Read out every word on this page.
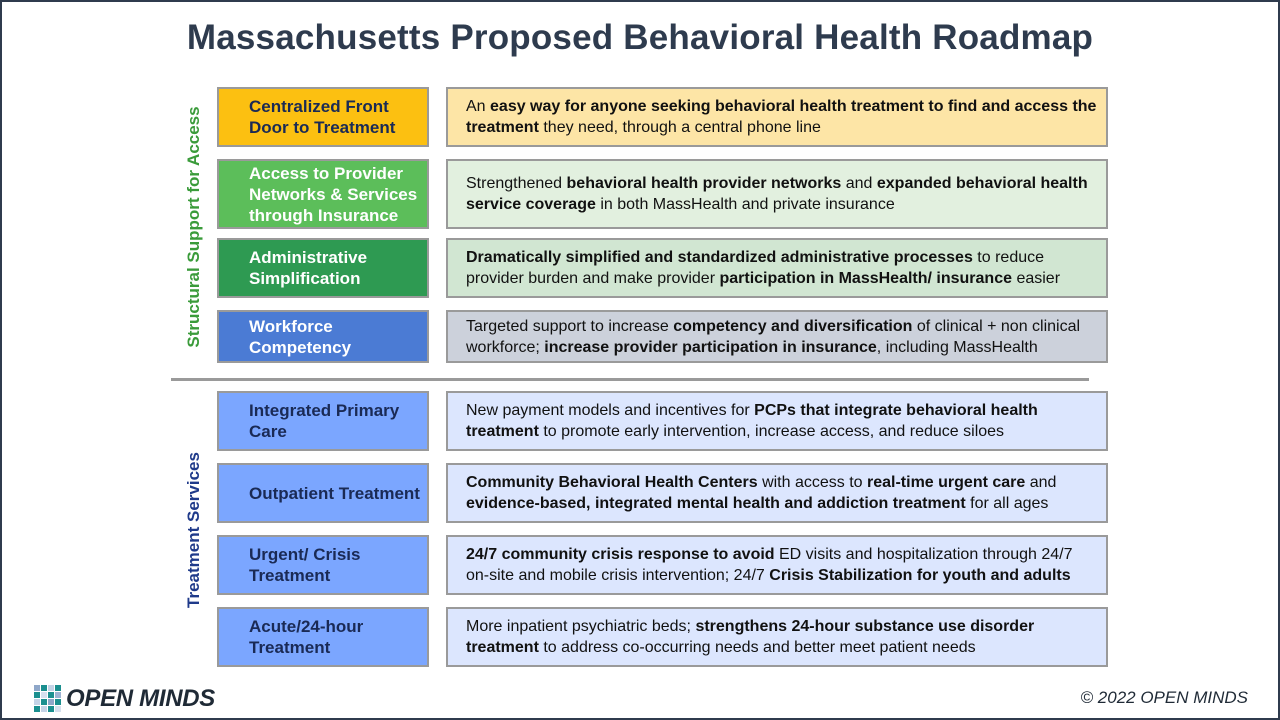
Massachusetts Proposed Behavioral Health Roadmap
Structural Support for Access
Treatment Services
Centralized Front Door to Treatment
An easy way for anyone seeking behavioral health treatment to find and access the treatment they need, through a central phone line
Access to Provider Networks & Services through Insurance
Strengthened behavioral health provider networks and expanded behavioral health service coverage in both MassHealth and private insurance
Administrative Simplification
Dramatically simplified and standardized administrative processes to reduce provider burden and make provider participation in MassHealth/ insurance easier
Workforce Competency
Targeted support to increase competency and diversification of clinical + non clinical workforce; increase provider participation in insurance, including MassHealth
Integrated Primary Care
New payment models and incentives for PCPs that integrate behavioral health treatment to promote early intervention, increase access, and reduce siloes
Outpatient Treatment
Community Behavioral Health Centers with access to real-time urgent care and evidence-based, integrated mental health and addiction treatment for all ages
Urgent/ Crisis Treatment
24/7 community crisis response to avoid ED visits and hospitalization through 24/7 on-site and mobile crisis intervention; 24/7 Crisis Stabilization for youth and adults
Acute/24-hour Treatment
More inpatient psychiatric beds; strengthens 24-hour substance use disorder treatment to address co-occurring needs and better meet patient needs
OPEN MINDS	© 2022 OPEN MINDS
